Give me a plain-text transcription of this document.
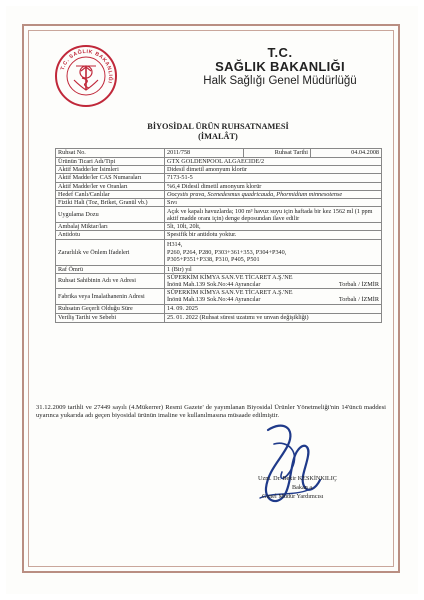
T.C. SAĞLIK BAKANLIĞI
T.C.
SAĞLIK BAKANLIĞI
Halk Sağlığı Genel Müdürlüğü
BİYOSİDAL ÜRÜN RUHSATNAMESİ
(İMALÂT)
Ruhsat No.	2011/758 Ruhsat Tarihi 04.04.2008

Ürünün Ticari Adı/Tipi	GTX GOLDENPOOL ALGAECIDE/2
Aktif Madde/ler İsimleri	Didesil dimetil amonyum klorür
Aktif Madde/ler CAS Numaraları	7173-51-5
Aktif Madde/ler ve Oranları	%6,4 Didesil dimetil amonyum klorür
Hedef Canlı/Canlılar	Oocystis prava, Scenedesmus quadricauda, Phormidium minnesotense
Fiziki Hali (Toz, Briket, Granül vb.)	Sıvı
Uygulama Dozu	Açık ve kapalı havuzlarda; 100 m³ havuz suyu için haftada bir kez 1562 ml (1 ppm aktif madde oranı için) denge deposundan ilave edilir
Ambalaj Miktar/ları	5lt, 10lt, 20lt,
Antidotu	Spesifik bir antidotu yoktur.
Zararlılık ve Önlem İfadeleri	H314,
P260, P264, P280, P303+361+353, P304+P340,
P305+P351+P338, P310, P405, P501
Raf Ömrü	1 (Bir) yıl
Ruhsat Sahibinin Adı ve Adresi	SÜPERKİM KİMYA SAN.VE TİCARET A.Ş.'NE
İnönü Mah.139 Sok.No:44 Ayrancılar Torbalı / İZMİR

Fabrika veya İmalathanenin Adresi	SÜPERKİM KİMYA SAN.VE TİCARET A.Ş.'NE
İnönü Mah.139 Sok.No:44 Ayrancılar Torbalı / İZMİR

Ruhsatın Geçerli Olduğu Süre	14. 09. 2025
Veriliş Tarihi ve Sebebi	25. 01. 2022 (Ruhsat süresi uzatımı ve unvan değişikliği)
31.12.2009 tarihli ve 27449 sayılı (4.Mükerrer) Resmi Gazete' de yayımlanan Biyosidal Ürünler Yönetmeliği'nin 14'üncü maddesi uyarınca yukarıda adı geçen biyosidal ürünün imaline ve kullanılmasına müsaade edilmiştir.
Uzm. Dr. Bekir KESKİNKILIÇ
Bakan a.
Genel Müdür Yardımcısı
